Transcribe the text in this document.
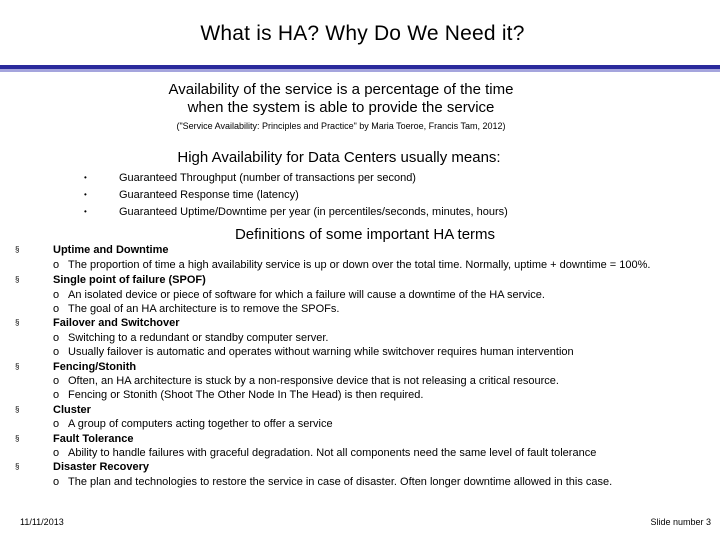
What is HA? Why Do We Need it?
Availability of the service is a percentage of the time
when the system is able to provide the service
("Service Availability: Principles and Practice" by Maria Toeroe, Francis Tam, 2012)
High Availability for Data Centers usually means:
•	Guaranteed Throughput (number of transactions per second)
•	Guaranteed Response time (latency)
•	Guaranteed Uptime/Downtime per year (in percentiles/seconds, minutes, hours)
Definitions of some important HA terms
§	Uptime and Downtime
o The proportion of time a high availability service is up or down over the total time. Normally, uptime + downtime = 100%.
§	Single point of failure (SPOF)
o An isolated device or piece of software for which a failure will cause a downtime of the HA service.
o The goal of an HA architecture is to remove the SPOFs.
§	Failover and Switchover
o Switching to a redundant or standby computer server.
o Usually failover is automatic and operates without warning while switchover requires human intervention
§	Fencing/Stonith
o Often, an HA architecture is stuck by a non-responsive device that is not releasing a critical resource.
o Fencing or Stonith (Shoot The Other Node In The Head) is then required.
§	Cluster
o A group of computers acting together to offer a service
§	Fault Tolerance
o Ability to handle failures with graceful degradation. Not all components need the same level of fault tolerance
§	Disaster Recovery
o The plan and technologies to restore the service in case of disaster. Often longer downtime allowed in this case.
11/11/2013	Slide number 3
